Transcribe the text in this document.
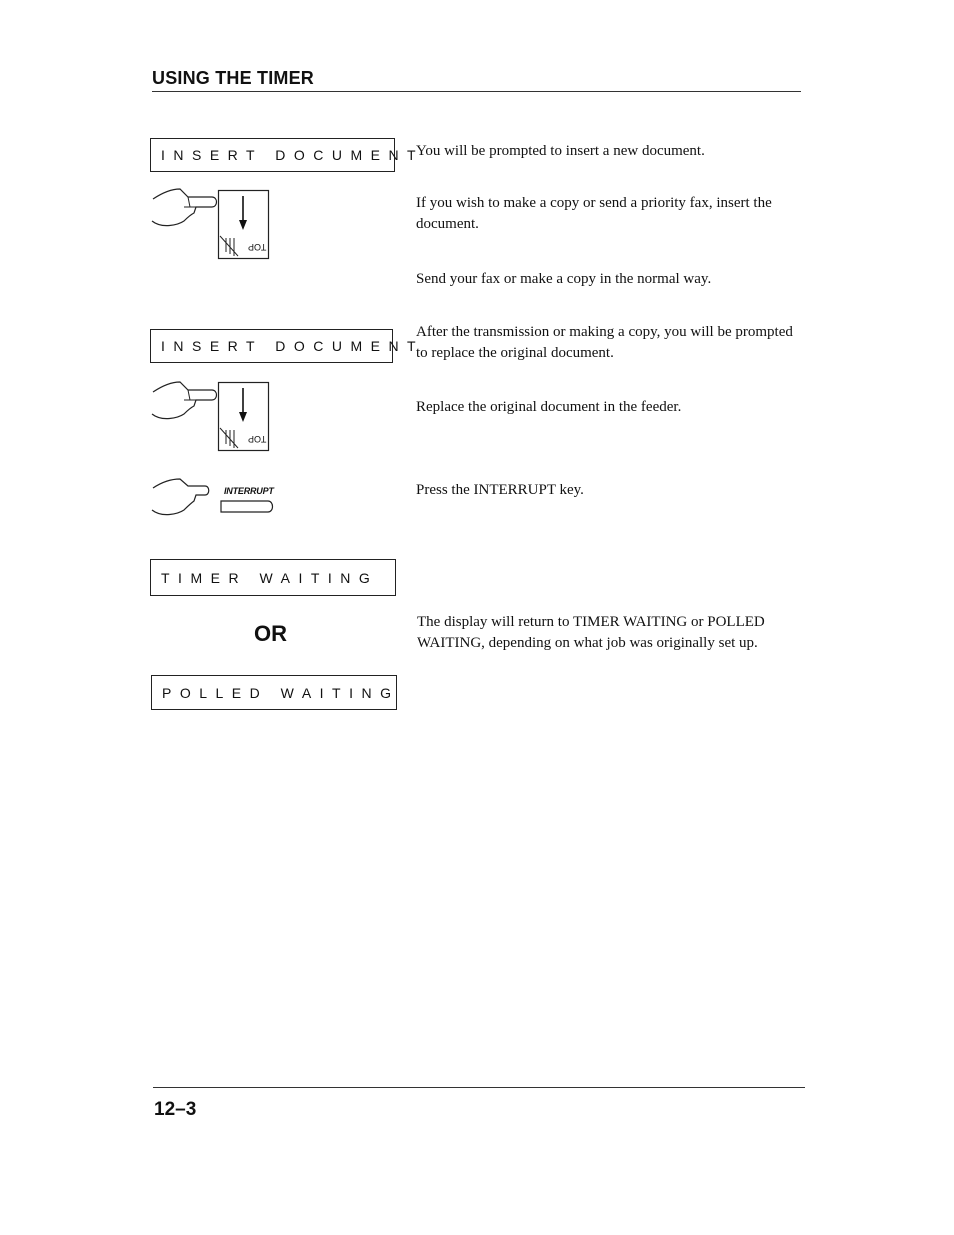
USING THE TIMER
INSERT DOCUMENT
TOP
INSERT DOCUMENT
TOP
INTERRUPT
TIMER WAITING
OR
POLLED WAITING
You will be prompted to insert a new document.
If you wish to make a copy or send a priority fax, insert the document.
Send your fax or make a copy in the normal way.
After the transmission or making a copy, you will be prompted to replace the original document.
Replace the original document in the feeder.
Press the INTERRUPT key.
The display will return to TIMER WAITING or POLLED WAITING, depending on what job was originally set up.
12–3
